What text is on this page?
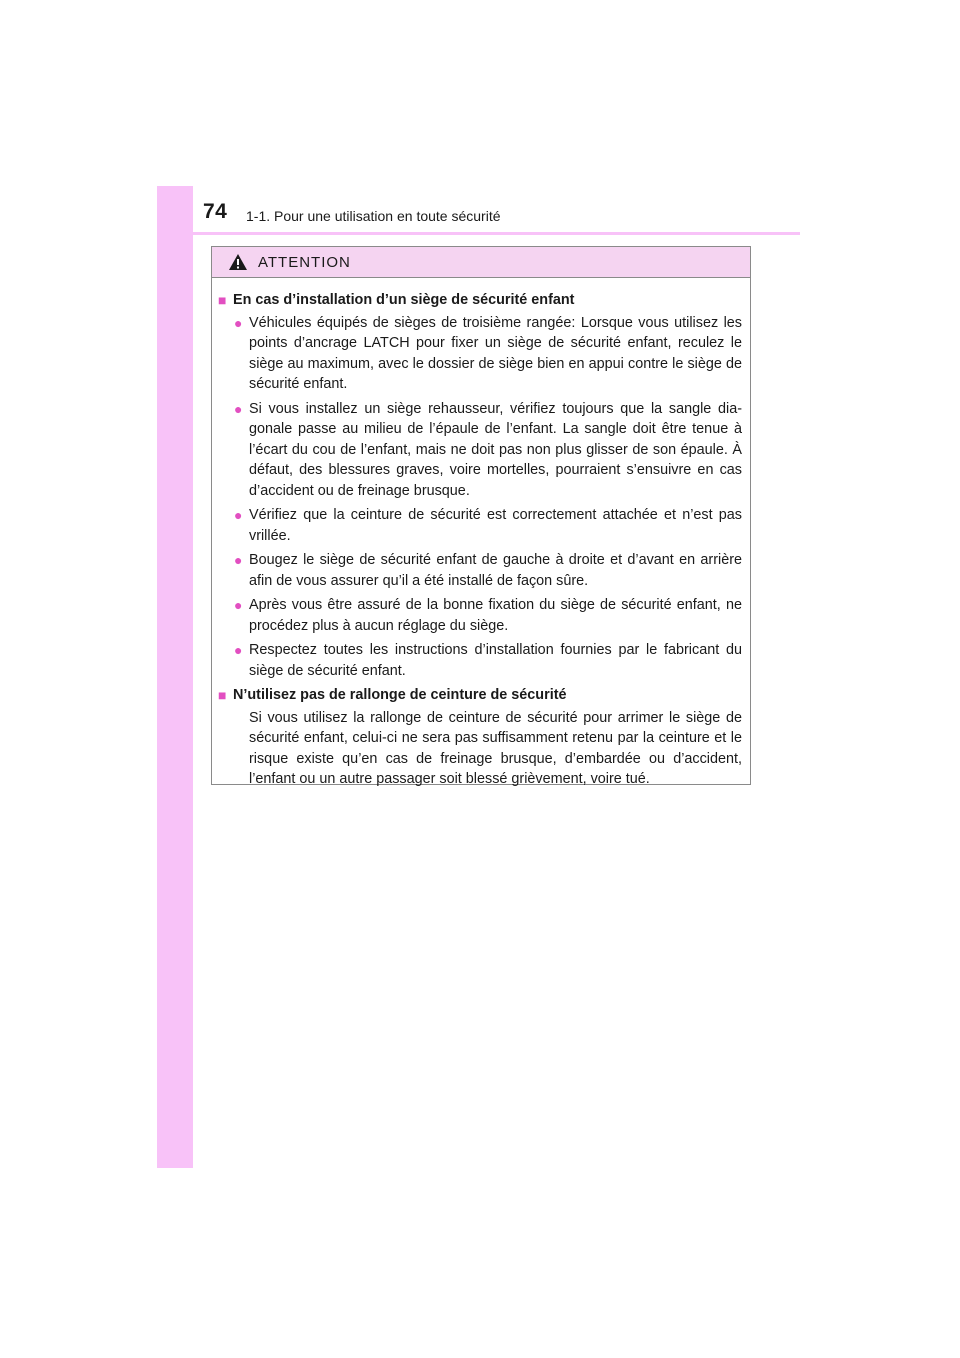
74 1-1. Pour une utilisation en toute sécurité
ATTENTION
■ En cas d’installation d’un siège de sécurité enfant
● Véhicules équipés de sièges de troisième rangée: Lorsque vous utilisez les points d’ancrage LATCH pour fixer un siège de sécurité enfant, reculez le siège au maximum, avec le dossier de siège bien en appui contre le siège de sécurité enfant.
● Si vous installez un siège rehausseur, vérifiez toujours que la sangle dia-gonale passe au milieu de l’épaule de l’enfant. La sangle doit être tenue à l’écart du cou de l’enfant, mais ne doit pas non plus glisser de son épaule. À défaut, des blessures graves, voire mortelles, pourraient s’ensuivre en cas d’accident ou de freinage brusque.
● Vérifiez que la ceinture de sécurité est correctement attachée et n’est pas vrillée.
● Bougez le siège de sécurité enfant de gauche à droite et d’avant en arrière afin de vous assurer qu’il a été installé de façon sûre.
● Après vous être assuré de la bonne fixation du siège de sécurité enfant, ne procédez plus à aucun réglage du siège.
● Respectez toutes les instructions d’installation fournies par le fabricant du siège de sécurité enfant.
■ N’utilisez pas de rallonge de ceinture de sécurité
Si vous utilisez la rallonge de ceinture de sécurité pour arrimer le siège de sécurité enfant, celui-ci ne sera pas suffisamment retenu par la ceinture et le risque existe qu’en cas de freinage brusque, d’embardée ou d’accident, l’enfant ou un autre passager soit blessé grièvement, voire tué.
